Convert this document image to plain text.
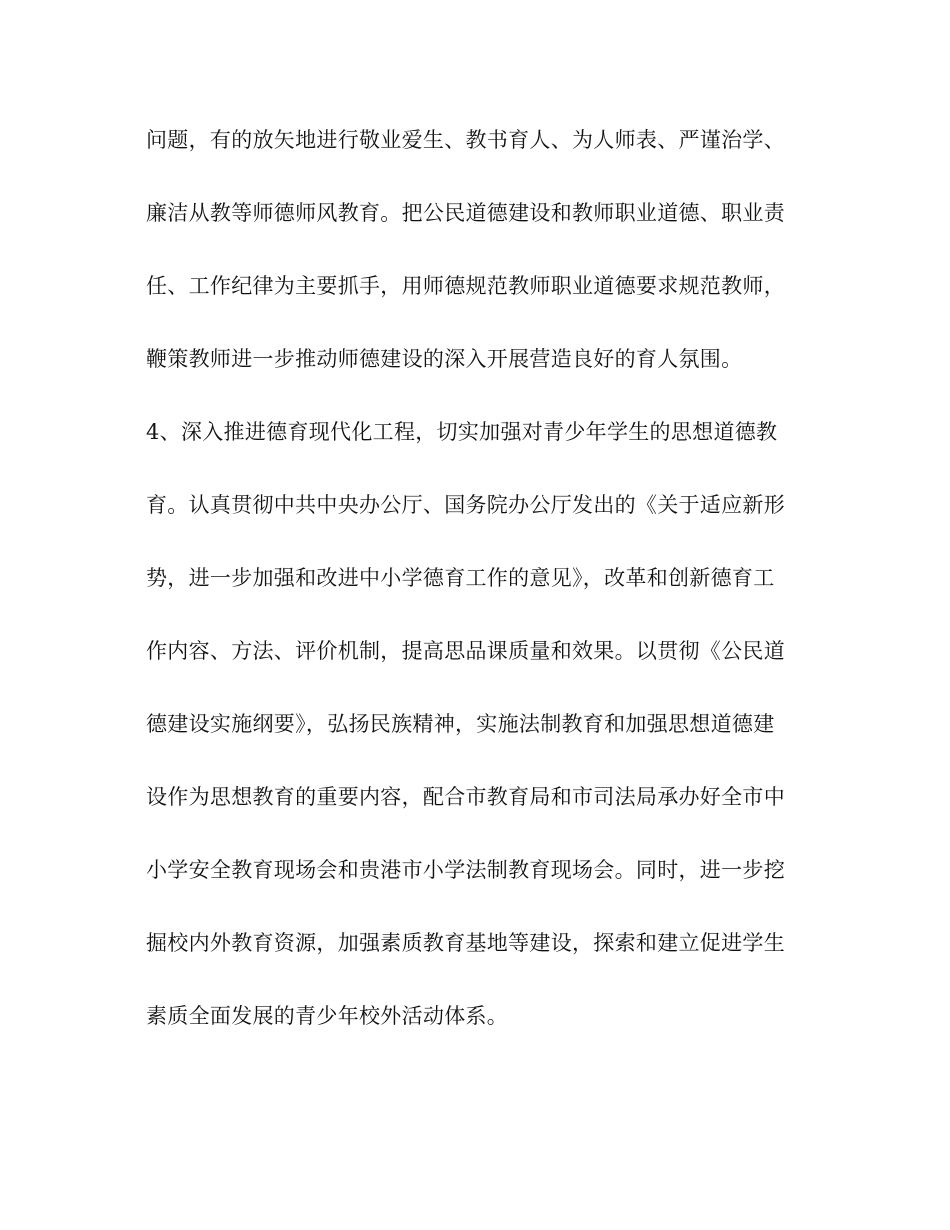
问题，有的放矢地进行敬业爱生、教书育人、为人师表、严谨治学、
廉洁从教等师德师风教育。把公民道德建设和教师职业道德、职业责
任、工作纪律为主要抓手，用师德规范教师职业道德要求规范教师，
鞭策教师进一步推动师德建设的深入开展营造良好的育人氛围。
4、深入推进德育现代化工程，切实加强对青少年学生的思想道德教
育。认真贯彻中共中央办公厅、国务院办公厅发出的《关于适应新形
势，进一步加强和改进中小学德育工作的意见》，改革和创新德育工
作内容、方法、评价机制，提高思品课质量和效果。以贯彻《公民道
德建设实施纲要》，弘扬民族精神，实施法制教育和加强思想道德建
设作为思想教育的重要内容，配合市教育局和市司法局承办好全市中
小学安全教育现场会和贵港市小学法制教育现场会。同时，进一步挖
掘校内外教育资源，加强素质教育基地等建设，探索和建立促进学生
素质全面发展的青少年校外活动体系。
